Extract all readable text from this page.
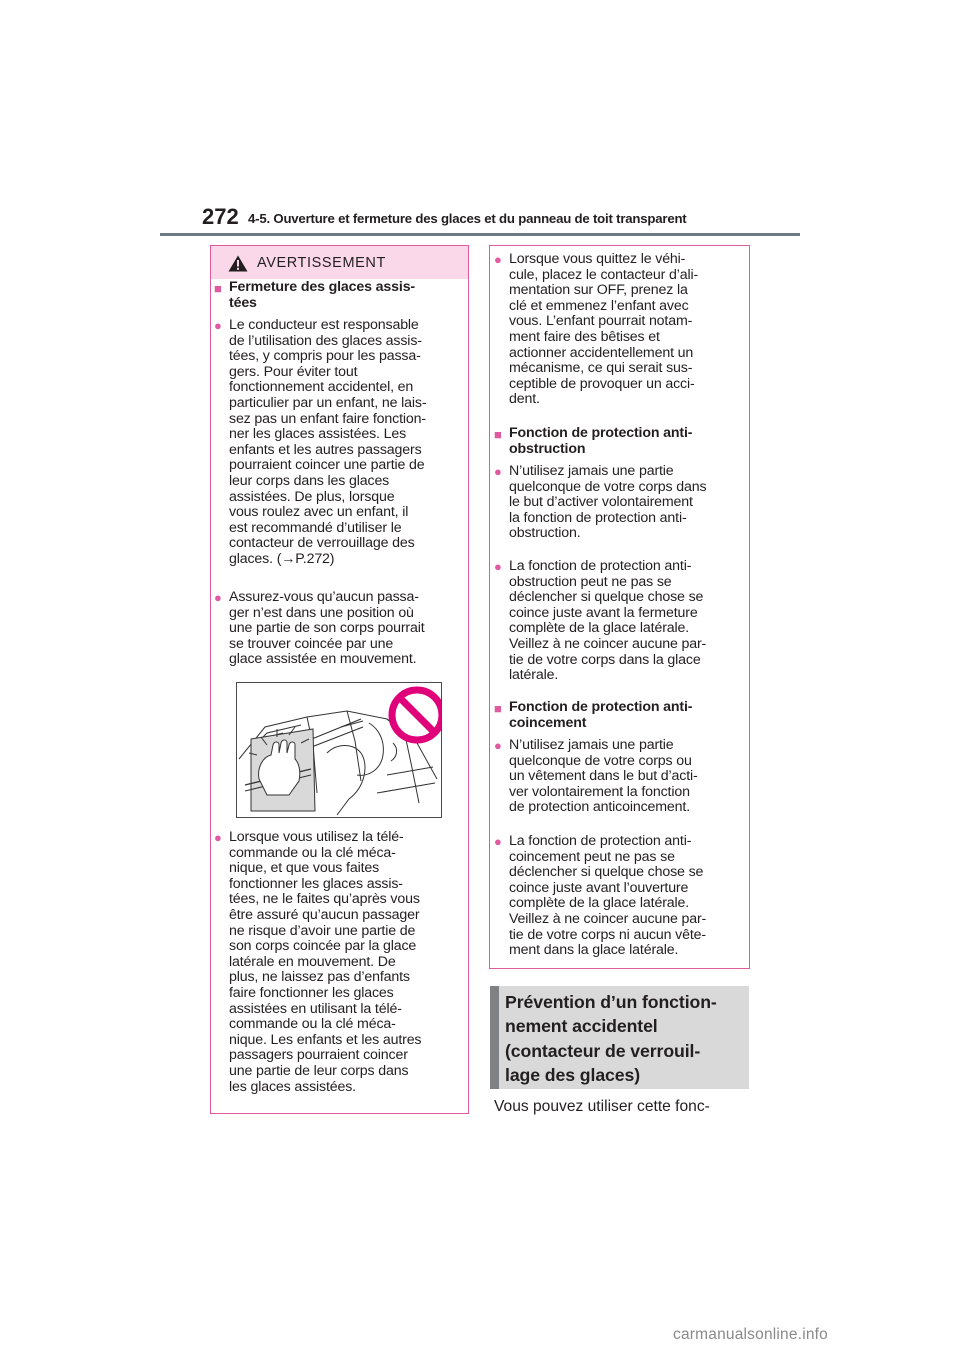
272 4-5. Ouverture et fermeture des glaces et du panneau de toit transparent
AVERTISSEMENT
■ Fermeture des glaces assis-

tées

● Le conducteur est responsable

de l’utilisation des glaces assis-

tées, y compris pour les passa-

gers. Pour éviter tout

fonctionnement accidentel, en

particulier par un enfant, ne lais-

sez pas un enfant faire fonction-

ner les glaces assistées. Les

enfants et les autres passagers

pourraient coincer une partie de

leur corps dans les glaces

assistées. De plus, lorsque

vous roulez avec un enfant, il

est recommandé d’utiliser le

contacteur de verrouillage des

glaces. (→P.272)

● Assurez-vous qu’aucun passa-

ger n’est dans une position où

une partie de son corps pourrait

se trouver coincée par une

glace assistée en mouvement.

● Lorsque vous utilisez la télé-

commande ou la clé méca-

nique, et que vous faites

fonctionner les glaces assis-

tées, ne le faites qu’après vous

être assuré qu’aucun passager

ne risque d’avoir une partie de

son corps coincée par la glace

latérale en mouvement. De

plus, ne laissez pas d’enfants

faire fonctionner les glaces

assistées en utilisant la télé-

commande ou la clé méca-

nique. Les enfants et les autres

passagers pourraient coincer

une partie de leur corps dans

les glaces assistées.

● Lorsque vous quittez le véhi-

cule, placez le contacteur d’ali-

mentation sur OFF, prenez la

clé et emmenez l’enfant avec

vous. L’enfant pourrait notam-

ment faire des bêtises et

actionner accidentellement un

mécanisme, ce qui serait sus-

ceptible de provoquer un acci-

dent.

■ Fonction de protection anti-

obstruction

● N’utilisez jamais une partie

quelconque de votre corps dans

le but d’activer volontairement

la fonction de protection anti-

obstruction.

● La fonction de protection anti-

obstruction peut ne pas se

déclencher si quelque chose se

coince juste avant la fermeture

complète de la glace latérale.

Veillez à ne coincer aucune par-

tie de votre corps dans la glace

latérale.

■ Fonction de protection anti-

coincement

● N’utilisez jamais une partie

quelconque de votre corps ou

un vêtement dans le but d’acti-

ver volontairement la fonction

de protection anticoincement.

● La fonction de protection anti-

coincement peut ne pas se

déclencher si quelque chose se

coince juste avant l’ouverture

complète de la glace latérale.

Veillez à ne coincer aucune par-

tie de votre corps ni aucun vête-

ment dans la glace latérale.

Prévention d’un fonction-
nement accidentel
(contacteur de verrouil-
lage des glaces)
Vous pouvez utiliser cette fonc-
carmanualsonline.info
